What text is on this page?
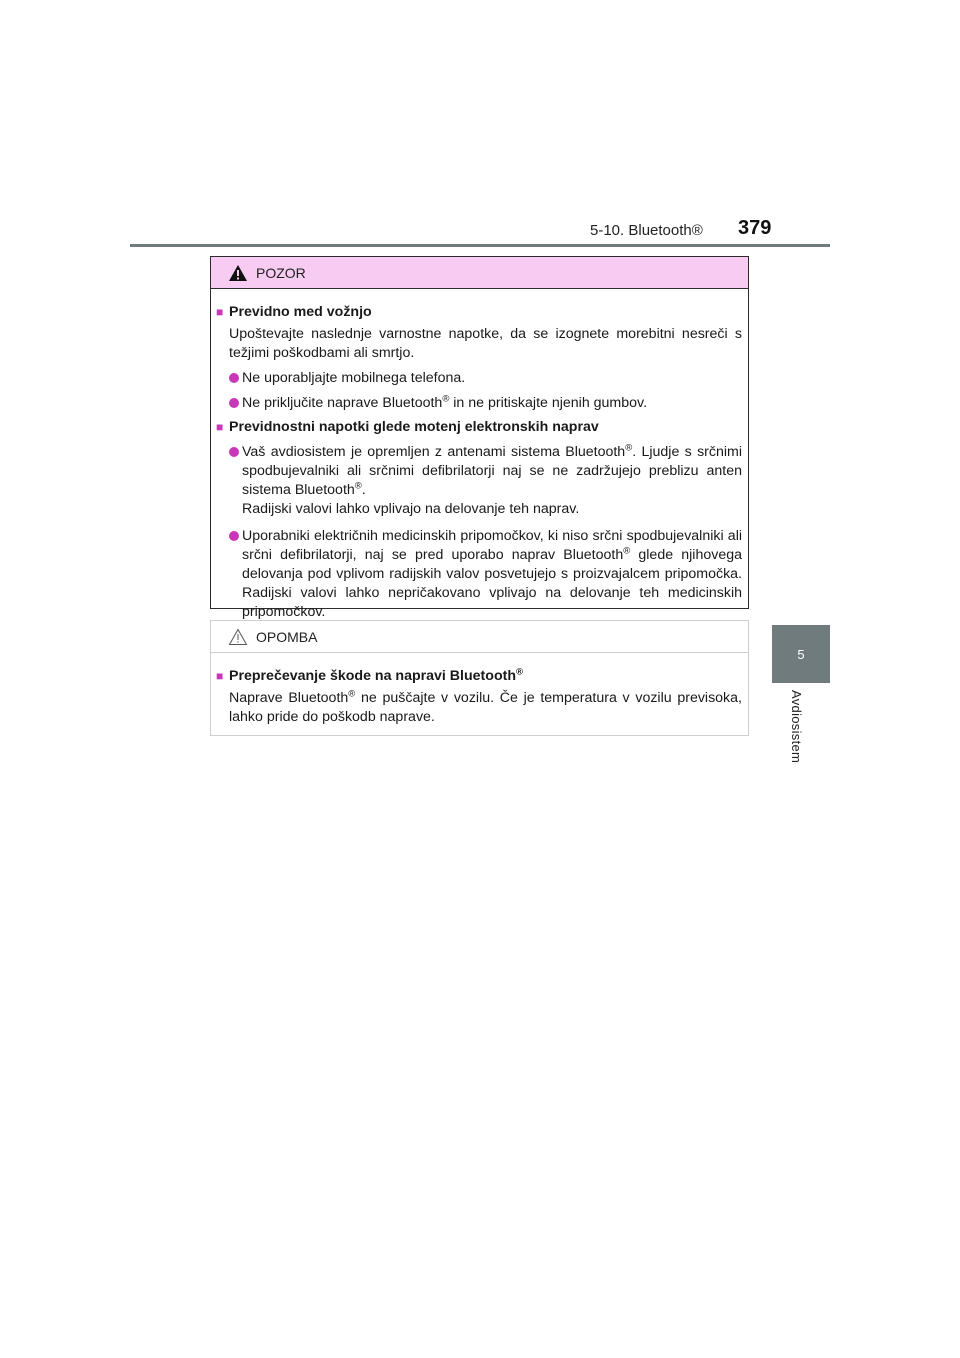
5-10. Bluetooth® 379
5
Avdiosistem
POZOR
■ Previdno med vožnjo
Upoštevajte naslednje varnostne napotke, da se izognete morebitni nesreči s težjimi poškodbami ali smrtjo.
Ne uporabljajte mobilnega telefona.
Ne priključite naprave Bluetooth® in ne pritiskajte njenih gumbov.
■ Previdnostni napotki glede motenj elektronskih naprav
Vaš avdiosistem je opremljen z antenami sistema Bluetooth®. Ljudje s srčnimi spodbujevalniki ali srčnimi defibrilatorji naj se ne zadržujejo preblizu anten sistema Bluetooth®.
Radijski valovi lahko vplivajo na delovanje teh naprav.
Uporabniki električnih medicinskih pripomočkov, ki niso srčni spodbujevalniki ali srčni defibrilatorji, naj se pred uporabo naprav Bluetooth® glede njihovega delovanja pod vplivom radijskih valov posvetujejo s proizvajalcem pripomočka. Radijski valovi lahko nepričakovano vplivajo na delovanje teh medicinskih pripomočkov.
OPOMBA
■ Preprečevanje škode na napravi Bluetooth®
Naprave Bluetooth® ne puščajte v vozilu. Če je temperatura v vozilu previsoka, lahko pride do poškodb naprave.
